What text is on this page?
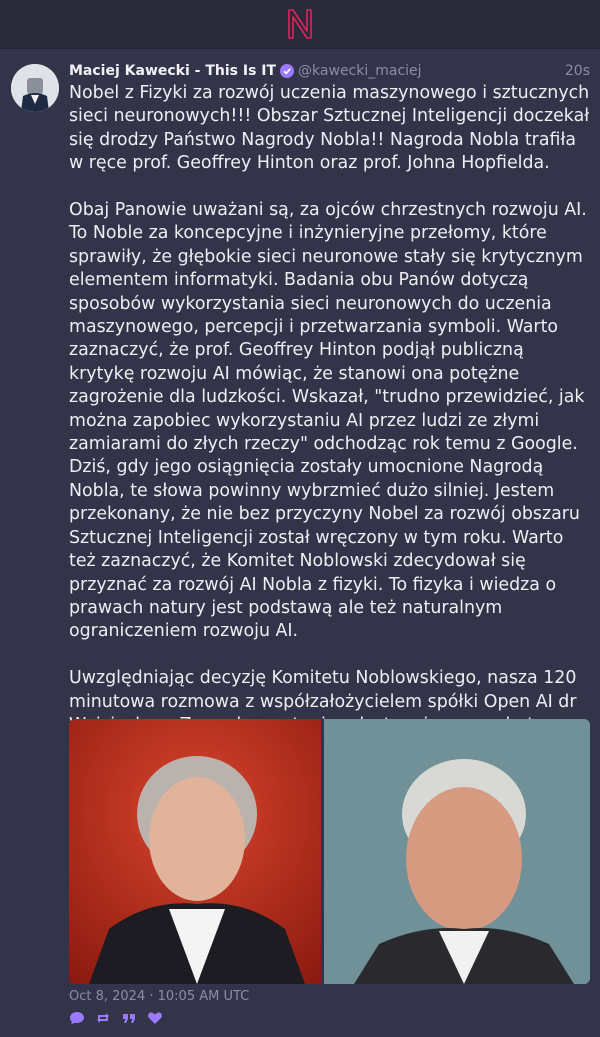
Maciej Kawecki - This Is IT @kawecki_maciej	20s

Nobel z Fizyki za rozwój uczenia maszynowego i sztucznych sieci neuronowych!!! Obszar Sztucznej Inteligencji doczekał się drodzy Państwo Nagrody Nobla!! Nagroda Nobla trafiła w ręce prof. Geoffrey Hinton oraz prof. Johna Hopfielda.

Obaj Panowie uważani są, za ojców chrzestnych rozwoju AI. To Noble za koncepcyjne i inżynieryjne przełomy, które sprawiły, że głębokie sieci neuronowe stały się krytycznym elementem informatyki. Badania obu Panów dotyczą sposobów wykorzystania sieci neuronowych do uczenia maszynowego, percepcji i przetwarzania symboli. Warto zaznaczyć, że prof. Geoffrey Hinton podjął publiczną krytykę rozwoju AI mówiąc, że stanowi ona potężne zagrożenie dla ludzkości. Wskazał, "trudno przewidzieć, jak można zapobiec wykorzystaniu AI przez ludzi ze złymi zamiarami do złych rzeczy" odchodząc rok temu z Google. Dziś, gdy jego osiągnięcia zostały umocnione Nagrodą Nobla, te słowa powinny wybrzmieć dużo silniej. Jestem przekonany, że nie bez przyczyny Nobel za rozwój obszaru Sztucznej Inteligencji został wręczony w tym roku. Warto też zaznaczyć, że Komitet Noblowski zdecydował się przyznać za rozwój AI Nobla z fizyki. To fizyka i wiedza o prawach natury jest podstawą ale też naturalnym ograniczeniem rozwoju AI.

Uwzględniając decyzję Komitetu Noblowskiego, nasza 120 minutowa rozmowa z współzałożycielem spółki Open AI dr

Oct 8, 2024 · 10:05 AM UTC
